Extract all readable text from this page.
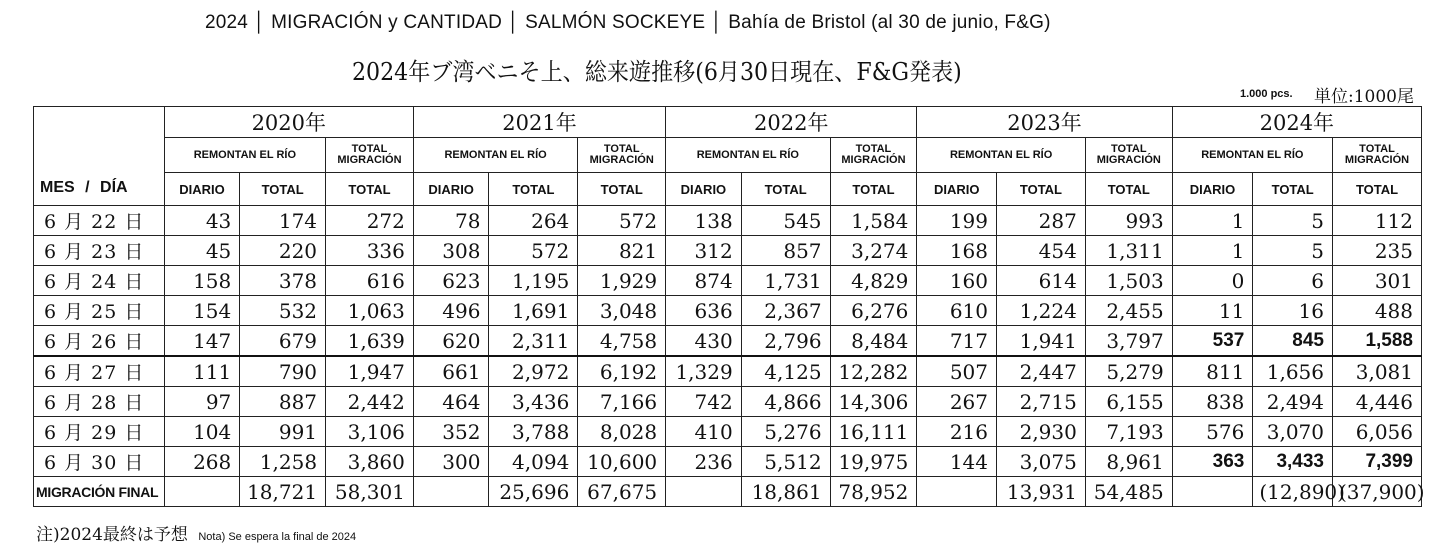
2024 │ MIGRACIÓN y CANTIDAD │ SALMÓN SOCKEYE │ Bahía de Bristol (al 30 de junio, F&G)
2024年ブ湾ベニそ上、総来遊推移(6月30日現在、F&G発表)
1.000 pcs. 単位:1000尾
MES / DÍA	2020年			2021年			2022年			2023年			2024年		
	REMONTAN EL RÍO		TOTAL MIGRACIÓN	REMONTAN EL RÍO		TOTAL MIGRACIÓN	REMONTAN EL RÍO		TOTAL MIGRACIÓN	REMONTAN EL RÍO		TOTAL MIGRACIÓN	REMONTAN EL RÍO		TOTAL MIGRACIÓN
	DIARIO	TOTAL	TOTAL	DIARIO	TOTAL	TOTAL	DIARIO	TOTAL	TOTAL	DIARIO	TOTAL	TOTAL	DIARIO	TOTAL	TOTAL
6 月 22 日	43	174	272	78	264	572	138	545	1,584	199	287	993	1	5	112
6 月 23 日	45	220	336	308	572	821	312	857	3,274	168	454	1,311	1	5	235
6 月 24 日	158	378	616	623	1,195	1,929	874	1,731	4,829	160	614	1,503	0	6	301
6 月 25 日	154	532	1,063	496	1,691	3,048	636	2,367	6,276	610	1,224	2,455	11	16	488
6 月 26 日	147	679	1,639	620	2,311	4,758	430	2,796	8,484	717	1,941	3,797	537	845	1,588
6 月 27 日	111	790	1,947	661	2,972	6,192	1,329	4,125	12,282	507	2,447	5,279	811	1,656	3,081
6 月 28 日	97	887	2,442	464	3,436	7,166	742	4,866	14,306	267	2,715	6,155	838	2,494	4,446
6 月 29 日	104	991	3,106	352	3,788	8,028	410	5,276	16,111	216	2,930	7,193	576	3,070	6,056
6 月 30 日	268	1,258	3,860	300	4,094	10,600	236	5,512	19,975	144	3,075	8,961	363	3,433	7,399
MIGRACIÓN FINAL		18,721	58,301		25,696	67,675		18,861	78,952		13,931	54,485		(12,890)	(37,900)
注)2024最終は予想 Nota) Se espera la final de 2024
